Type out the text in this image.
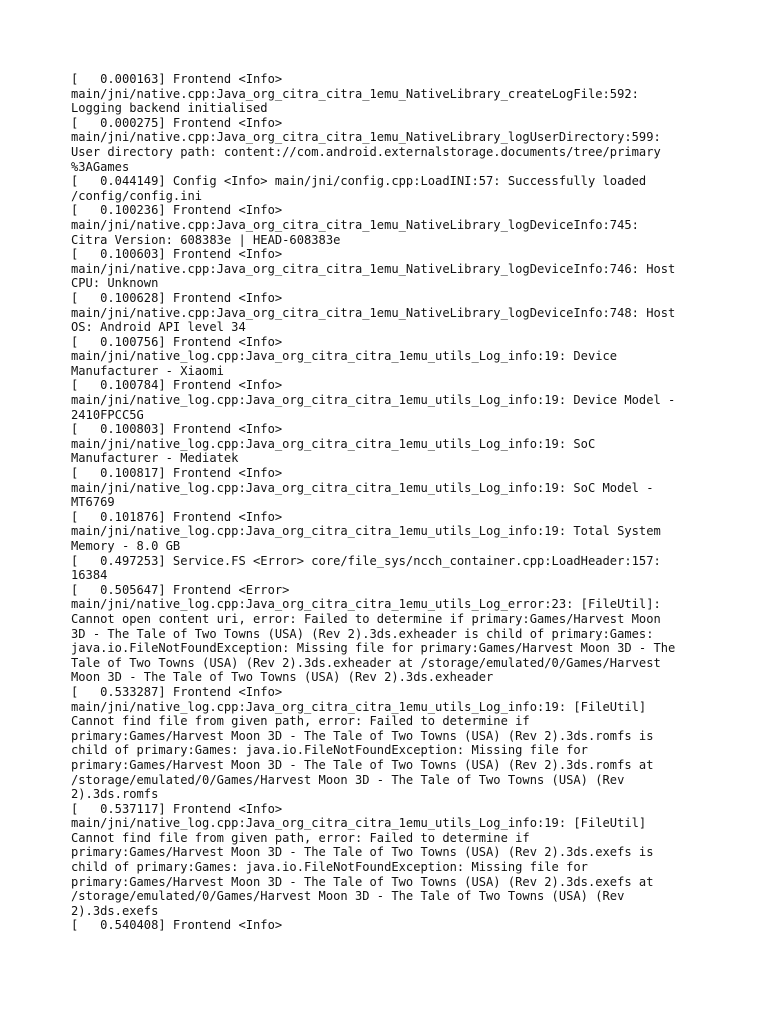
[   0.000163] Frontend <Info>
main/jni/native.cpp:Java_org_citra_citra_1emu_NativeLibrary_createLogFile:592:
Logging backend initialised
[   0.000275] Frontend <Info>
main/jni/native.cpp:Java_org_citra_citra_1emu_NativeLibrary_logUserDirectory:599:
User directory path: content://com.android.externalstorage.documents/tree/primary
%3AGames
[   0.044149] Config <Info> main/jni/config.cpp:LoadINI:57: Successfully loaded
/config/config.ini
[   0.100236] Frontend <Info>
main/jni/native.cpp:Java_org_citra_citra_1emu_NativeLibrary_logDeviceInfo:745:
Citra Version: 608383e | HEAD-608383e
[   0.100603] Frontend <Info>
main/jni/native.cpp:Java_org_citra_citra_1emu_NativeLibrary_logDeviceInfo:746: Host
CPU: Unknown
[   0.100628] Frontend <Info>
main/jni/native.cpp:Java_org_citra_citra_1emu_NativeLibrary_logDeviceInfo:748: Host
OS: Android API level 34
[   0.100756] Frontend <Info>
main/jni/native_log.cpp:Java_org_citra_citra_1emu_utils_Log_info:19: Device
Manufacturer - Xiaomi
[   0.100784] Frontend <Info>
main/jni/native_log.cpp:Java_org_citra_citra_1emu_utils_Log_info:19: Device Model -
2410FPCC5G
[   0.100803] Frontend <Info>
main/jni/native_log.cpp:Java_org_citra_citra_1emu_utils_Log_info:19: SoC
Manufacturer - Mediatek
[   0.100817] Frontend <Info>
main/jni/native_log.cpp:Java_org_citra_citra_1emu_utils_Log_info:19: SoC Model -
MT6769
[   0.101876] Frontend <Info>
main/jni/native_log.cpp:Java_org_citra_citra_1emu_utils_Log_info:19: Total System
Memory - 8.0 GB
[   0.497253] Service.FS <Error> core/file_sys/ncch_container.cpp:LoadHeader:157:
16384
[   0.505647] Frontend <Error>
main/jni/native_log.cpp:Java_org_citra_citra_1emu_utils_Log_error:23: [FileUtil]:
Cannot open content uri, error: Failed to determine if primary:Games/Harvest Moon
3D - The Tale of Two Towns (USA) (Rev 2).3ds.exheader is child of primary:Games:
java.io.FileNotFoundException: Missing file for primary:Games/Harvest Moon 3D - The
Tale of Two Towns (USA) (Rev 2).3ds.exheader at /storage/emulated/0/Games/Harvest
Moon 3D - The Tale of Two Towns (USA) (Rev 2).3ds.exheader
[   0.533287] Frontend <Info>
main/jni/native_log.cpp:Java_org_citra_citra_1emu_utils_Log_info:19: [FileUtil]
Cannot find file from given path, error: Failed to determine if
primary:Games/Harvest Moon 3D - The Tale of Two Towns (USA) (Rev 2).3ds.romfs is
child of primary:Games: java.io.FileNotFoundException: Missing file for
primary:Games/Harvest Moon 3D - The Tale of Two Towns (USA) (Rev 2).3ds.romfs at
/storage/emulated/0/Games/Harvest Moon 3D - The Tale of Two Towns (USA) (Rev
2).3ds.romfs
[   0.537117] Frontend <Info>
main/jni/native_log.cpp:Java_org_citra_citra_1emu_utils_Log_info:19: [FileUtil]
Cannot find file from given path, error: Failed to determine if
primary:Games/Harvest Moon 3D - The Tale of Two Towns (USA) (Rev 2).3ds.exefs is
child of primary:Games: java.io.FileNotFoundException: Missing file for
primary:Games/Harvest Moon 3D - The Tale of Two Towns (USA) (Rev 2).3ds.exefs at
/storage/emulated/0/Games/Harvest Moon 3D - The Tale of Two Towns (USA) (Rev
2).3ds.exefs
[   0.540408] Frontend <Info>
